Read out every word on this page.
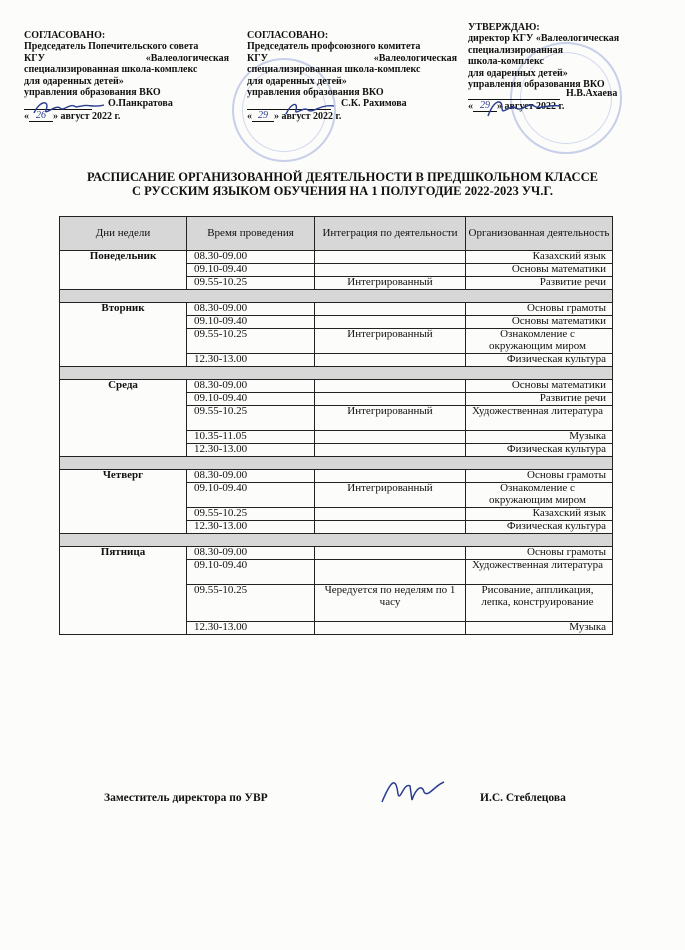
СОГЛАСОВАНО:
Председатель Попечительского совета
КГУ	«Валеологическая
специализированная школа-комплекс
для одаренных детей»
управления образования ВКО
О.Панкратова
« 26 » август 2022 г.
СОГЛАСОВАНО:
Председатель профсоюзного комитета
КГУ	«Валеологическая
специализированная школа-комплекс
для одаренных детей»
управления образования ВКО
С.К. Рахимова
« 29 » август 2022 г.
УТВЕРЖДАЮ:
директор КГУ «Валеологическая
специализированная
школа-комплекс
для одаренных детей»
управления образования ВКО
Н.В.Ахаева
« 29 » август 2022 г.
РАСПИСАНИЕ ОРГАНИЗОВАННОЙ ДЕЯТЕЛЬНОСТИ В ПРЕДШКОЛЬНОМ КЛАССЕ
С РУССКИМ ЯЗЫКОМ ОБУЧЕНИЯ НА 1 ПОЛУГОДИЕ 2022-2023 УЧ.Г.
Дни недели	Время проведения	Интеграция по деятельности	Организованная деятельность
Понедельник	08.30-09.00		Казахский язык
	09.10-09.40		Основы математики
	09.55-10.25	Интегрированный	Развитие речи

Вторник	08.30-09.00		Основы грамоты
	09.10-09.40		Основы математики
	09.55-10.25	Интегрированный	Ознакомление с окружающим миром
	12.30-13.00		Физическая культура

Среда	08.30-09.00		Основы математики
	09.10-09.40		Развитие речи
	09.55-10.25	Интегрированный	Художественная литература
	10.35-11.05		Музыка
	12.30-13.00		Физическая культура

Четверг	08.30-09.00		Основы грамоты
	09.10-09.40	Интегрированный	Ознакомление с окружающим миром
	09.55-10.25		Казахский язык
	12.30-13.00		Физическая культура

Пятница	08.30-09.00		Основы грамоты
	09.10-09.40		Художественная литература
	09.55-10.25	Чередуется по неделям по 1 часу	Рисование, аппликация, лепка, конструирование
	12.30-13.00		Музыка
Заместитель директора по УВР	И.С. Стеблецова
